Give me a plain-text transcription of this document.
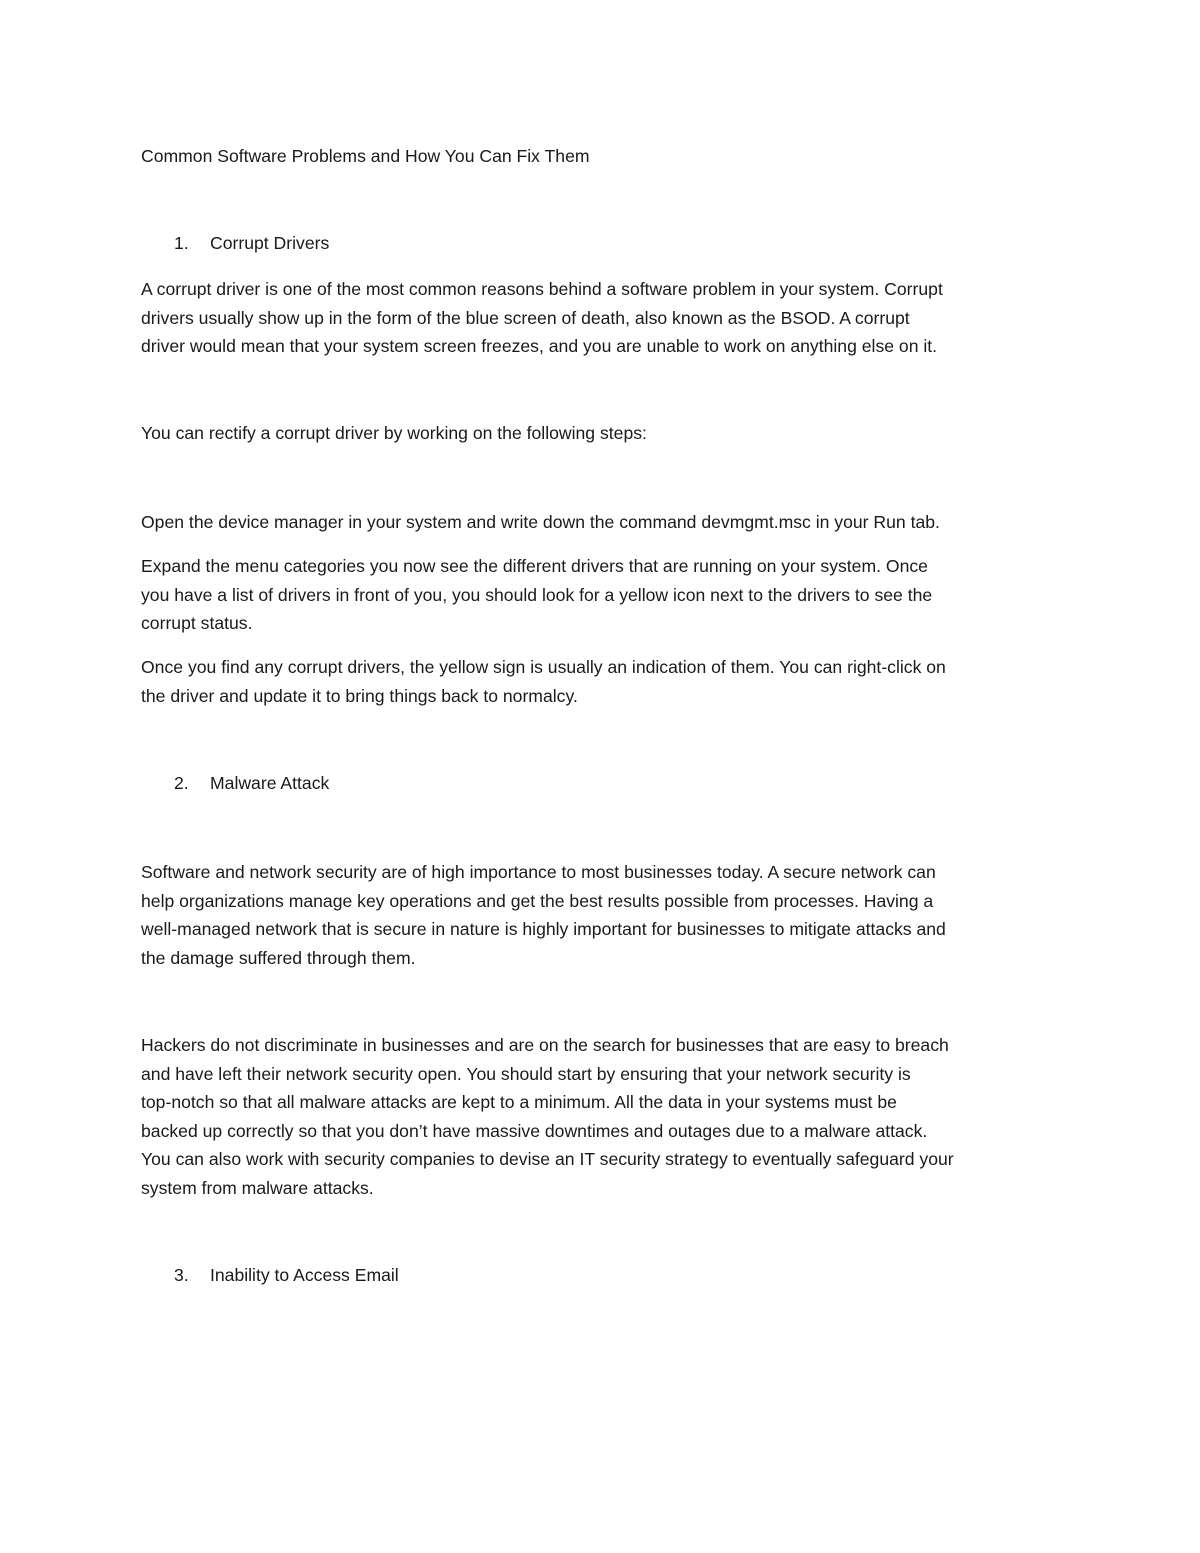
Common Software Problems and How You Can Fix Them

1. Corrupt Drivers

A corrupt driver is one of the most common reasons behind a software problem in your system. Corrupt
drivers usually show up in the form of the blue screen of death, also known as the BSOD. A corrupt
driver would mean that your system screen freezes, and you are unable to work on anything else on it.

You can rectify a corrupt driver by working on the following steps:

Open the device manager in your system and write down the command devmgmt.msc in your Run tab.

Expand the menu categories you now see the different drivers that are running on your system. Once
you have a list of drivers in front of you, you should look for a yellow icon next to the drivers to see the
corrupt status.

Once you find any corrupt drivers, the yellow sign is usually an indication of them. You can right-click on
the driver and update it to bring things back to normalcy.

2. Malware Attack

Software and network security are of high importance to most businesses today. A secure network can
help organizations manage key operations and get the best results possible from processes. Having a
well-managed network that is secure in nature is highly important for businesses to mitigate attacks and
the damage suffered through them.

Hackers do not discriminate in businesses and are on the search for businesses that are easy to breach
and have left their network security open. You should start by ensuring that your network security is
top-notch so that all malware attacks are kept to a minimum. All the data in your systems must be
backed up correctly so that you don’t have massive downtimes and outages due to a malware attack.
You can also work with security companies to devise an IT security strategy to eventually safeguard your
system from malware attacks.

3. Inability to Access Email
